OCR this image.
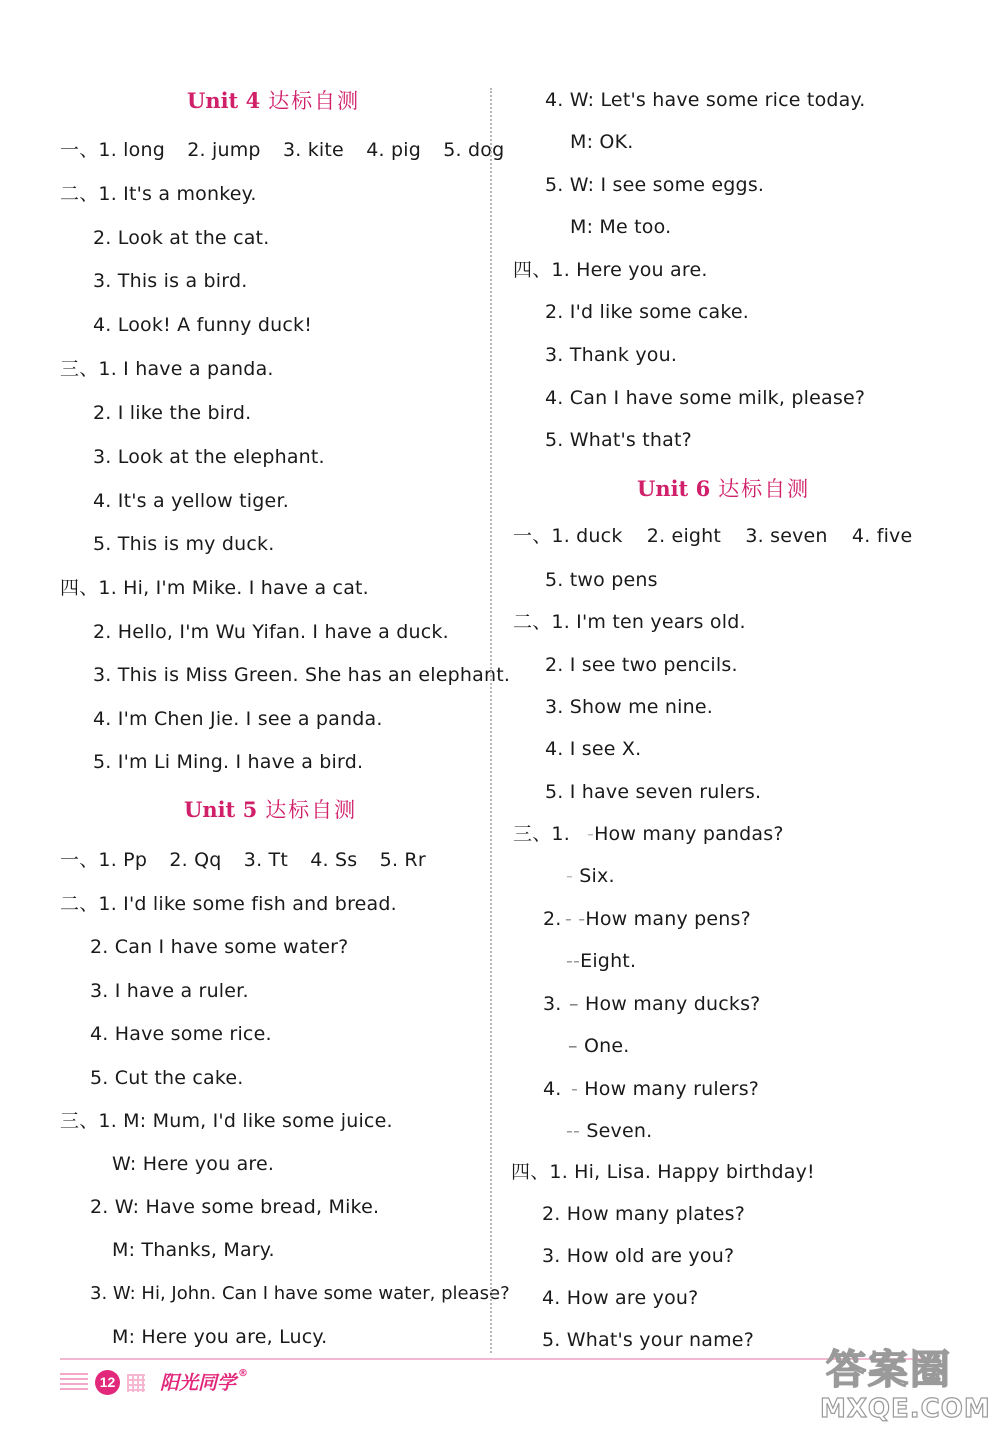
Unit 4 达标自测
一、1. long 2. jump 3. kite 4. pig 5. dog
二、1. It's a monkey.
2. Look at the cat.
3. This is a bird.
4. Look! A funny duck!
三、1. I have a panda.
2. I like the bird.
3. Look at the elephant.
4. It's a yellow tiger.
5. This is my duck.
四、1. Hi, I'm Mike. I have a cat.
2. Hello, I'm Wu Yifan. I have a duck.
3. This is Miss Green. She has an elephant.
4. I'm Chen Jie. I see a panda.
5. I'm Li Ming. I have a bird.
Unit 5 达标自测
一、1. Pp 2. Qq 3. Tt 4. Ss 5. Rr
二、1. I'd like some fish and bread.
2. Can I have some water?
3. I have a ruler.
4. Have some rice.
5. Cut the cake.
三、1. M: Mum, I'd like some juice.
W: Here you are.
2. W: Have some bread, Mike.
M: Thanks, Mary.
3. W: Hi, John. Can I have some water, please?
M: Here you are, Lucy.
4. W: Let's have some rice today.
M: OK.
5. W: I see some eggs.
M: Me too.
四、1. Here you are.
2. I'd like some cake.
3. Thank you.
4. Can I have some milk, please?
5. What's that?
Unit 6 达标自测
一、1. duck 2. eight 3. seven 4. five
5. two pens
二、1. I'm ten years old.
2. I see two pencils.
3. Show me nine.
4. I see X.
5. I have seven rulers.
三、1. -How many pandas?
- Six.
2. - -How many pens?
--Eight.
3. – How many ducks?
– One.
4. - How many rulers?
-- Seven.
四、1. Hi, Lisa. Happy birthday!
2. How many plates?
3. How old are you?
4. How are you?
5. What's your name?
12 阳光同学 ®	答案圈
MXQE.COM
